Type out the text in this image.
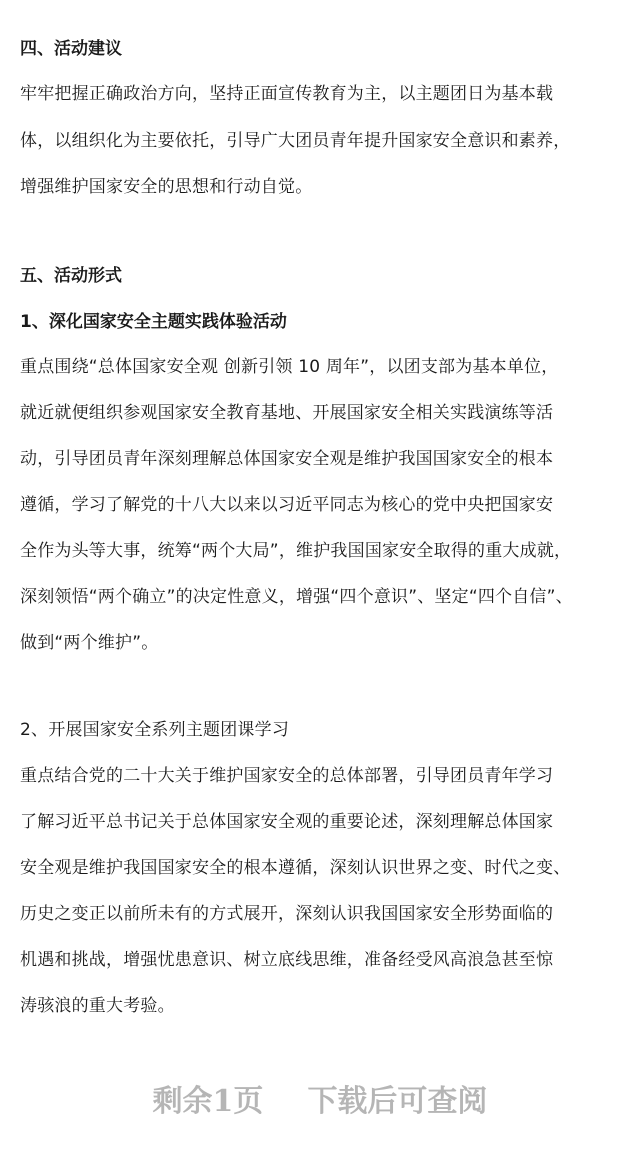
四、活动建议
牢牢把握正确政治方向，坚持正面宣传教育为主，以主题团日为基本载
体，以组织化为主要依托，引导广大团员青年提升国家安全意识和素养，
增强维护国家安全的思想和行动自觉。
五、活动形式
1、深化国家安全主题实践体验活动
重点围绕“总体国家安全观 创新引领 10 周年”，以团支部为基本单位，
就近就便组织参观国家安全教育基地、开展国家安全相关实践演练等活
动，引导团员青年深刻理解总体国家安全观是维护我国国家安全的根本
遵循，学习了解党的十八大以来以习近平同志为核心的党中央把国家安
全作为头等大事，统筹“两个大局”，维护我国国家安全取得的重大成就，
深刻领悟“两个确立”的决定性意义，增强“四个意识”、坚定“四个自信”、
做到“两个维护”。
2、开展国家安全系列主题团课学习
重点结合党的二十大关于维护国家安全的总体部署，引导团员青年学习
了解习近平总书记关于总体国家安全观的重要论述，深刻理解总体国家
安全观是维护我国国家安全的根本遵循，深刻认识世界之变、时代之变、
历史之变正以前所未有的方式展开，深刻认识我国国家安全形势面临的
机遇和挑战，增强忧患意识、树立底线思维，准备经受风高浪急甚至惊
涛骇浪的重大考验。
剩余1页 下载后可查阅
